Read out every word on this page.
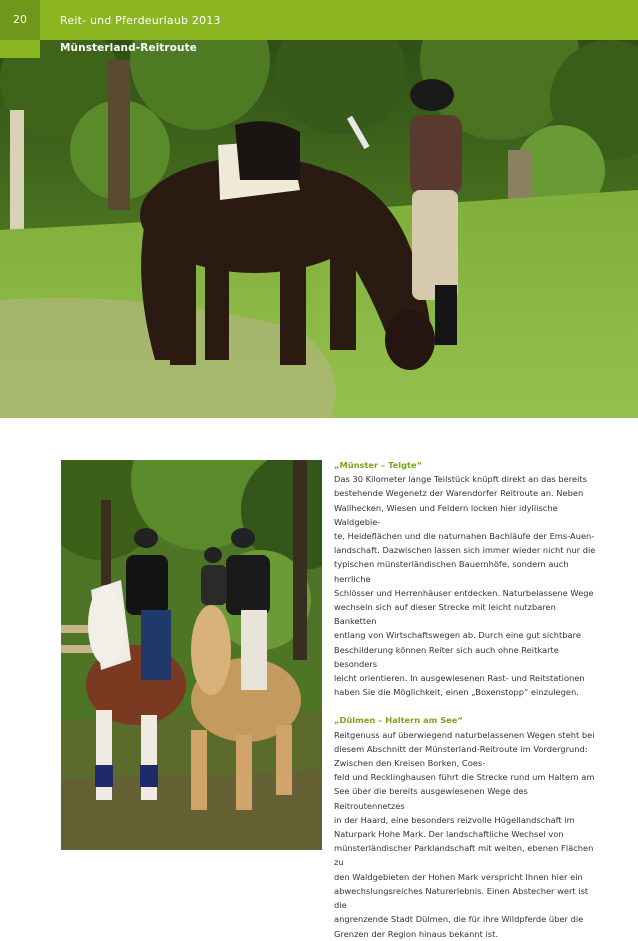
20	Reit- und Pferdeurlaub 2013
Münsterland-Reitroute
„Münster – Telgte“
Das 30 Kilometer lange Teilstück knüpft direkt an das bereits
bestehende Wegenetz der Warendorfer Reitroute an. Neben
Wallhecken, Wiesen und Feldern locken hier idyllische Waldgebie-
te, Heideflächen und die naturnahen Bachläufe der Ems-Auen-
landschaft. Dazwischen lassen sich immer wieder nicht nur die
typischen münsterländischen Bauernhöfe, sondern auch herrliche
Schlösser und Herrenhäuser entdecken. Naturbelassene Wege
wechseln sich auf dieser Strecke mit leicht nutzbaren Banketten
entlang von Wirtschaftswegen ab. Durch eine gut sichtbare
Beschilderung können Reiter sich auch ohne Reitkarte besonders
leicht orientieren. In ausgewiesenen Rast- und Reitstationen
haben Sie die Möglichkeit, einen „Boxenstopp“ einzulegen.
„Dülmen – Haltern am See“
Reitgenuss auf überwiegend naturbelassenen Wegen steht bei
diesem Abschnitt der Münsterland-Reitroute im Vordergrund:
Zwischen den Kreisen Borken, Coes-
feld und Recklinghausen führt die Strecke rund um Haltern am
See über die bereits ausgewiesenen Wege des Reitroutennetzes
in der Haard, eine besonders reizvolle Hügellandschaft im
Naturpark Hohe Mark. Der landschaftliche Wechsel von
münsterländischer Parklandschaft mit weiten, ebenen Flächen zu
den Waldgebieten der Hohen Mark verspricht Ihnen hier ein
abwechslungsreiches Naturerlebnis. Einen Abstecher wert ist die
angrenzende Stadt Dülmen, die für ihre Wildpferde über die
Grenzen der Region hinaus bekannt ist.
